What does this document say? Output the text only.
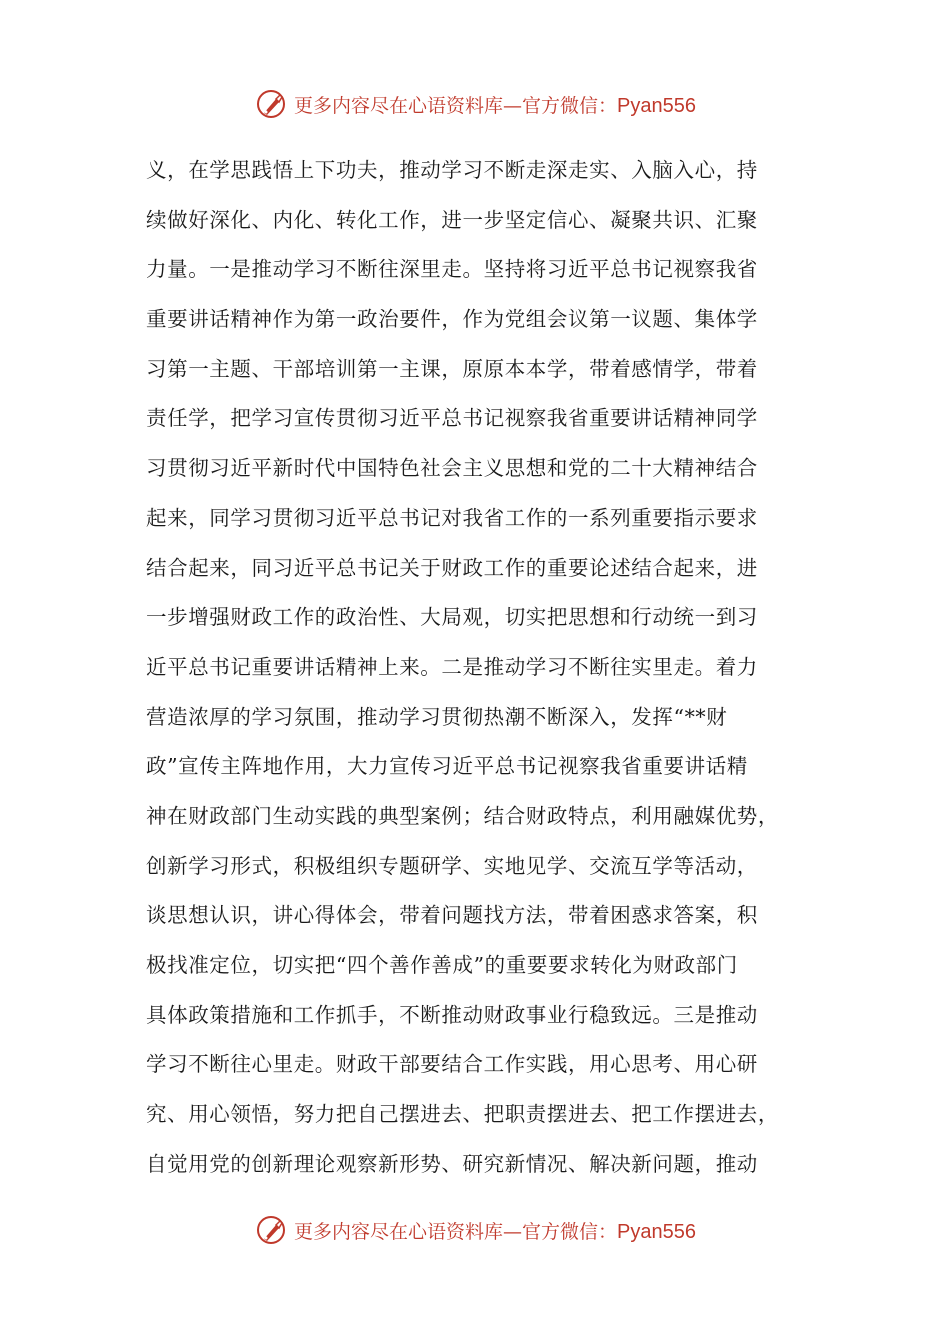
更多内容尽在心语资料库—官方微信：Pyan556
义，在学思践悟上下功夫，推动学习不断走深走实、入脑入心，持
续做好深化、内化、转化工作，进一步坚定信心、凝聚共识、汇聚
力量。一是推动学习不断往深里走。坚持将习近平总书记视察我省
重要讲话精神作为第一政治要件，作为党组会议第一议题、集体学
习第一主题、干部培训第一主课，原原本本学，带着感情学，带着
责任学，把学习宣传贯彻习近平总书记视察我省重要讲话精神同学
习贯彻习近平新时代中国特色社会主义思想和党的二十大精神结合
起来，同学习贯彻习近平总书记对我省工作的一系列重要指示要求
结合起来，同习近平总书记关于财政工作的重要论述结合起来，进
一步增强财政工作的政治性、大局观，切实把思想和行动统一到习
近平总书记重要讲话精神上来。二是推动学习不断往实里走。着力
营造浓厚的学习氛围，推动学习贯彻热潮不断深入，发挥“**财
政”宣传主阵地作用，大力宣传习近平总书记视察我省重要讲话精
神在财政部门生动实践的典型案例；结合财政特点，利用融媒优势，
创新学习形式，积极组织专题研学、实地见学、交流互学等活动，
谈思想认识，讲心得体会，带着问题找方法，带着困惑求答案，积
极找准定位，切实把“四个善作善成”的重要要求转化为财政部门
具体政策措施和工作抓手，不断推动财政事业行稳致远。三是推动
学习不断往心里走。财政干部要结合工作实践，用心思考、用心研
究、用心领悟，努力把自己摆进去、把职责摆进去、把工作摆进去，
自觉用党的创新理论观察新形势、研究新情况、解决新问题，推动
更多内容尽在心语资料库—官方微信：Pyan556
